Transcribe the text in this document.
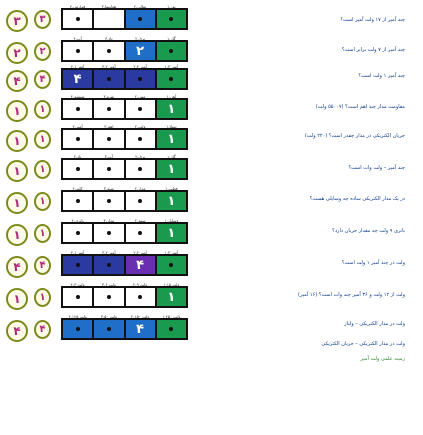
۳	۳
۲	۲
۴	۴
۱	۱
۱	۱
۱	۱
۱	۱
۱	۱
۴	۴
۱	۱
۴	۴
۴.فوارس	۳.هواپیما
۲
۲.سالن	۱.نور
۴.آب	۳.باد	۲.برق
۲
۱.گاز
۴.۱ آمپر
۴
۳.۲ آمپر	۲.۴ آمپر	۱.۳ آمپر
۴.شیشه	۳.نقره	۲.مس	۱.آهن
۱
۴.آمپر	۳.اهم	۲.ولت	۱.تسلا
۱
۴.باد	۳.آب	۲.برق	۱.گاز
۱
۴.کلید	۳.منبع	۲.مدار	۱.قطب
۱
۴.باتری	۳.مدار	۲.سیم	۱.وسایل
۱
۴.۱ آمپر	۳.۲ آمپر	۲.۴ آمپر
۴
۱.۳ آمپر
۴.۳ ولت	۳.۶ ولت	۲.۹ ولت	۱.۱۵ ولت
۱
۴.۱۲۵ ولت	۳.۵۰ ولت	۲.۱۵۰ ولت
۴
۱.۴۵۰ ولت
چند آمپر از ۱۷ ولت آمپر است؟
چند آمپر از ۷ ولت برابر است؟
چند آمپر ۱ ولت است؟
مقاومت مدار چند اهم است؟ (۵۵۰۰۷ ولت)
جریان الکتریکی در مدار چقدر است؟ (۲۲۰ ولت)
چند آمپر – ولت وات است؟
در یک مدار الکتریکی ساده چه وسایلی هست؟
باتری ۹ ولت چه مقدار جریان دارد؟
ولت در چند آمپر ۱ ولت است؟
ولت از ۱۲ ولت و ۳۶ آمپر چند وات است؟ (۱۶ آمپر)
ولت در مدار الکتریکی – ولتاژ
ولت در مدار الکتریکی – جریان الکتریکی
زمینه علمی ولت آمپر
